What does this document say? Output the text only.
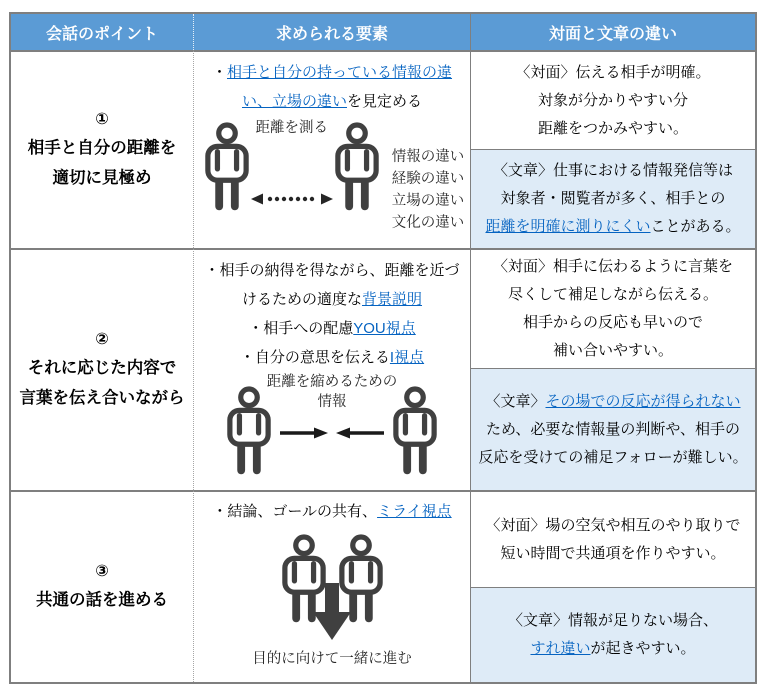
会話のポイント	求められる要素	対面と文章の違い
①
相手と自分の距離を
適切に見極め
・相手と自分の持っている情報の違い、立場の違いを見定める
距離を測る
情報の違い
経験の違い
立場の違い
文化の違い
〈対面〉伝える相手が明確。
対象が分かりやすい分
距離をつかみやすい。
〈文章〉仕事における情報発信等は
対象者・閲覧者が多く、相手との
距離を明確に測りにくいことがある。
②
それに応じた内容で
言葉を伝え合いながら
・相手の納得を得ながら、距離を近づけるための適度な背景説明
・相手への配慮YOU視点
・自分の意思を伝えるI視点
距離を縮めるための
情報
〈対面〉相手に伝わるように言葉を
尽くして補足しながら伝える。
相手からの反応も早いので
補い合いやすい。
〈文章〉その場での反応が得られない
ため、必要な情報量の判断や、相手の
反応を受けての補足フォローが難しい。
③
共通の話を進める
・結論、ゴールの共有、ミライ視点
目的に向けて一緒に進む
〈対面〉場の空気や相互のやり取りで
短い時間で共通項を作りやすい。
〈文章〉情報が足りない場合、
すれ違いが起きやすい。
